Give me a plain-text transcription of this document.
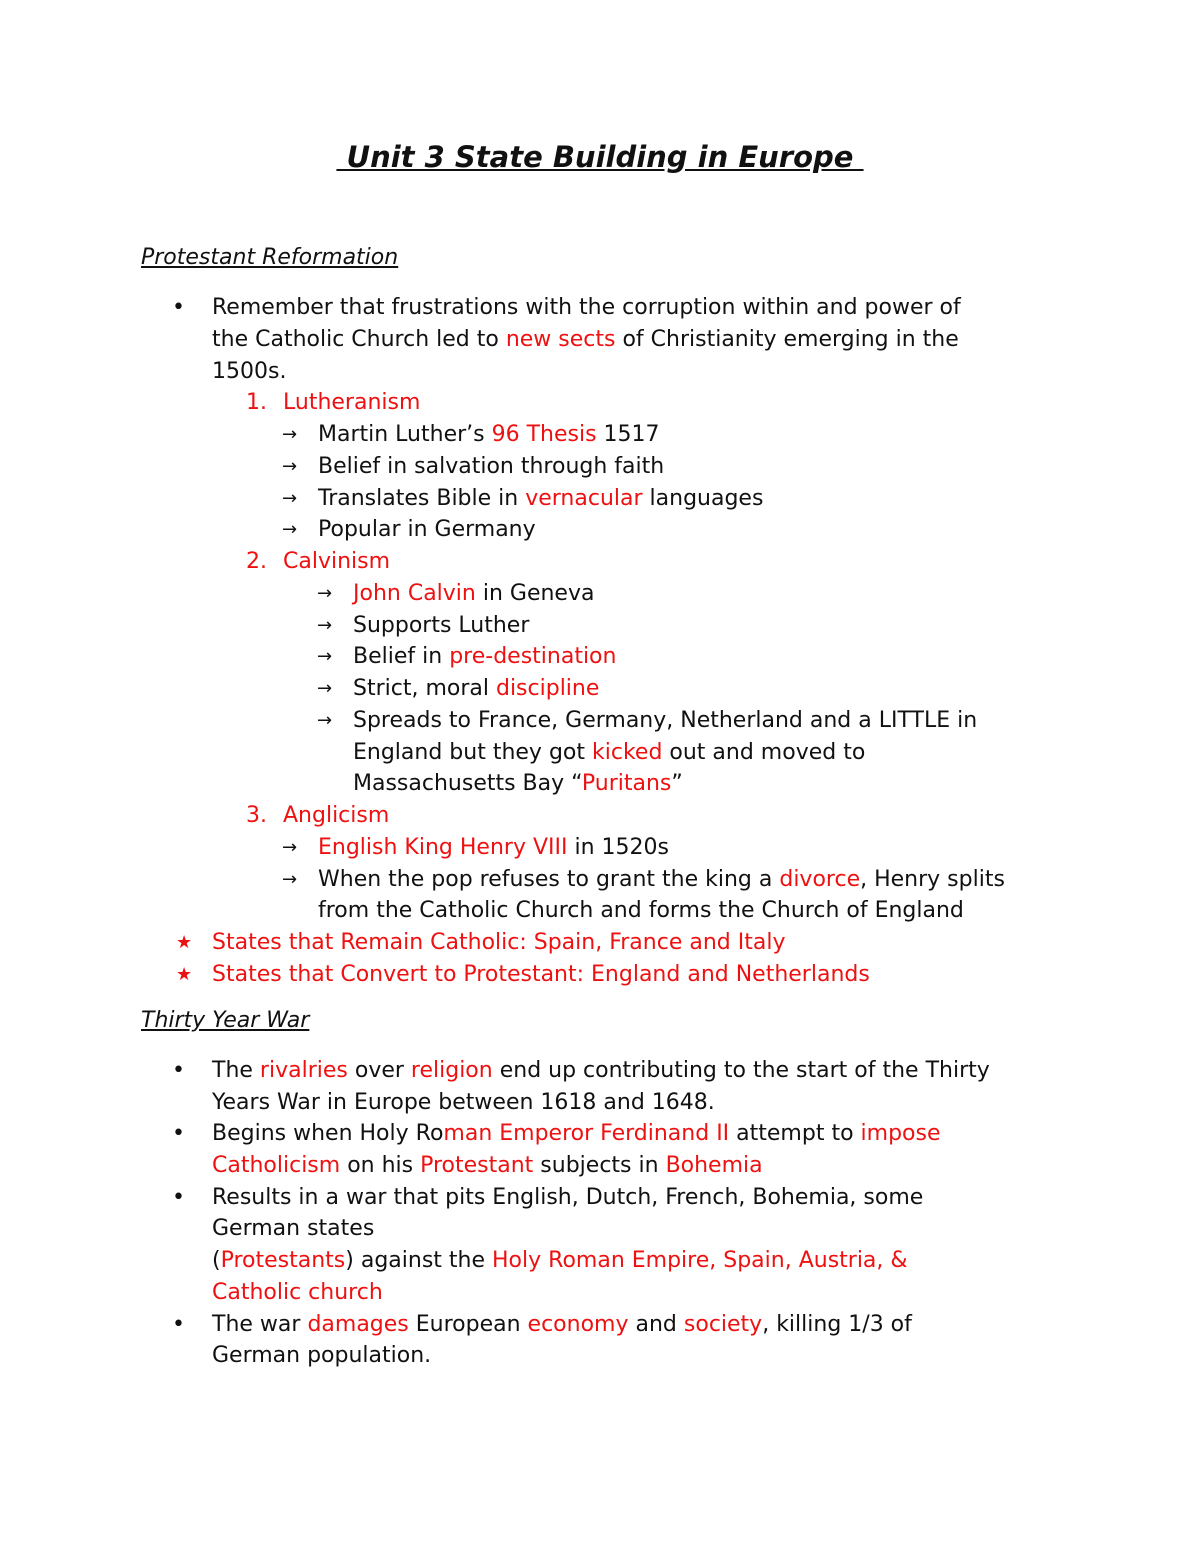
Unit 3 State Building in Europe
Protestant Reformation
• Remember that frustrations with the corruption within and power of
the Catholic Church led to new sects of Christianity emerging in the
1500s.
1. Lutheranism
→ Martin Luther’s 96 Thesis 1517
→ Belief in salvation through faith
→ Translates Bible in vernacular languages
→ Popular in Germany
2. Calvinism
→ John Calvin in Geneva
→ Supports Luther
→ Belief in pre-destination
→ Strict, moral discipline
→ Spreads to France, Germany, Netherland and a LITTLE in
England but they got kicked out and moved to
Massachusetts Bay “Puritans”
3. Anglicism
→ English King Henry VIII in 1520s
→ When the pop refuses to grant the king a divorce, Henry splits
from the Catholic Church and forms the Church of England
★ States that Remain Catholic: Spain, France and Italy
★ States that Convert to Protestant: England and Netherlands
Thirty Year War
• The rivalries over religion end up contributing to the start of the Thirty
Years War in Europe between 1618 and 1648.
• Begins when Holy Roman Emperor Ferdinand II attempt to impose
Catholicism on his Protestant subjects in Bohemia
• Results in a war that pits English, Dutch, French, Bohemia, some
German states
(Protestants) against the Holy Roman Empire, Spain, Austria, &
Catholic church
• The war damages European economy and society, killing 1/3 of
German population.
